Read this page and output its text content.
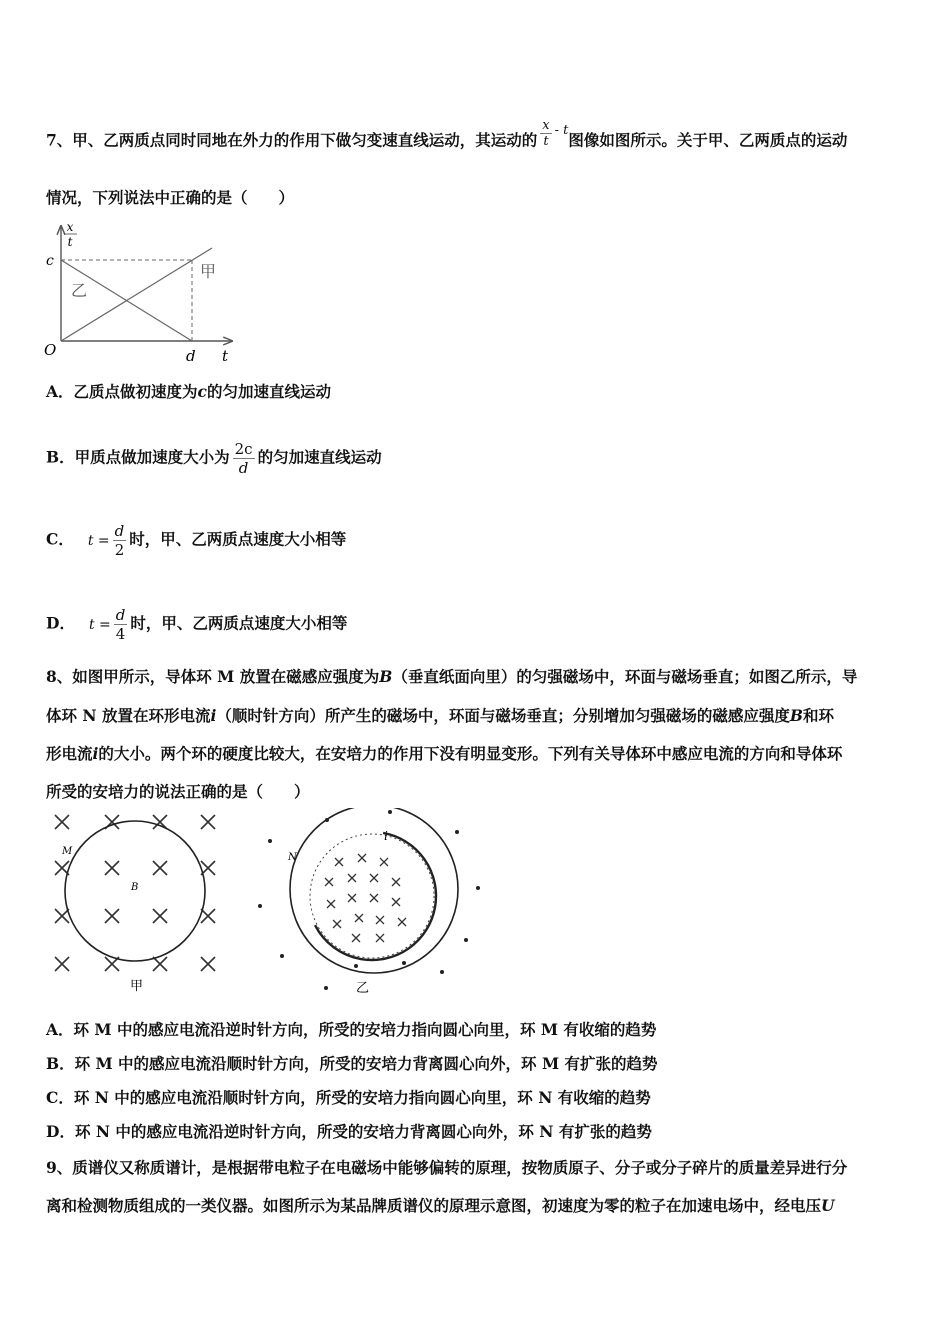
7、甲、乙两质点同时同地在外力的作用下做匀变速直线运动，其运动的 $\frac{x}{t} ^{- t}$图像如图所示。关于甲、乙两质点的运动
情况，下列说法中正确的是（　　）
x
t
c
O	d t
甲
乙
A．乙质点做初速度为c的匀加速直线运动
B．甲质点做加速度大小为 $\frac{2c}{d}$ 的匀加速直线运动
C． $t = \frac{d}{2}$ 时，甲、乙两质点速度大小相等
D． $t = \frac{d}{4}$ 时，甲、乙两质点速度大小相等
8、如图甲所示，导体环 M 放置在磁感应强度为B（垂直纸面向里）的匀强磁场中，环面与磁场垂直；如图乙所示，导
体环 N 放置在环形电流i（顺时针方向）所产生的磁场中，环面与磁场垂直；分别增加匀强磁场的磁感应强度B和环
形电流i的大小。两个环的硬度比较大，在安培力的作用下没有明显变形。下列有关导体环中感应电流的方向和导体环
所受的安培力的说法正确的是（　　）
M
B
甲
N
i
乙
A．环 M 中的感应电流沿逆时针方向，所受的安培力指向圆心向里，环 M 有收缩的趋势
B．环 M 中的感应电流沿顺时针方向，所受的安培力背离圆心向外，环 M 有扩张的趋势
C．环 N 中的感应电流沿顺时针方向，所受的安培力指向圆心向里，环 N 有收缩的趋势
D．环 N 中的感应电流沿逆时针方向，所受的安培力背离圆心向外，环 N 有扩张的趋势
9、质谱仪又称质谱计，是根据带电粒子在电磁场中能够偏转的原理，按物质原子、分子或分子碎片的质量差异进行分
离和检测物质组成的一类仪器。如图所示为某品牌质谱仪的原理示意图，初速度为零的粒子在加速电场中，经电压U
